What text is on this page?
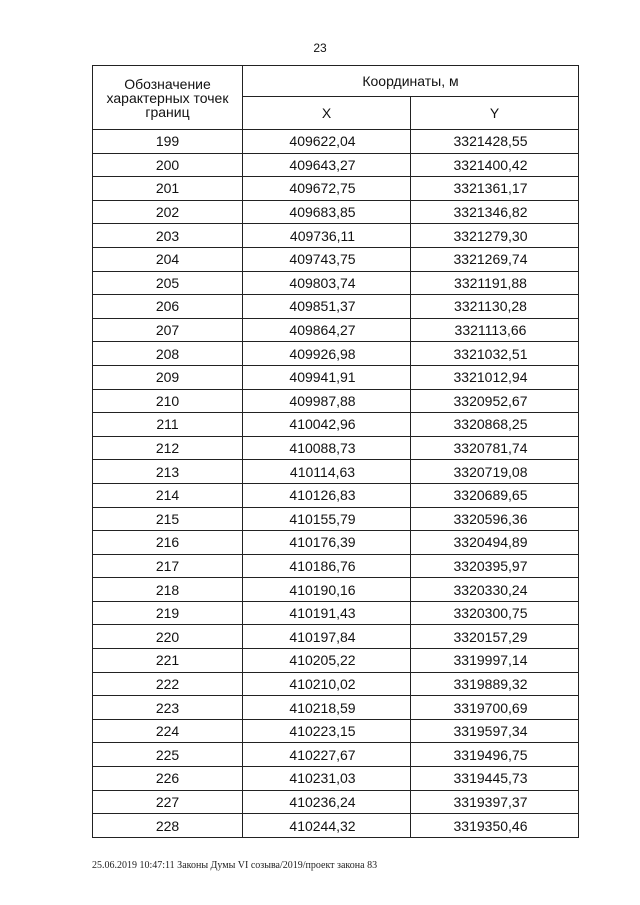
23
Обозначение характерных точек границ	Координаты, м	
	X	Y
199	409622,04	3321428,55
200	409643,27	3321400,42
201	409672,75	3321361,17
202	409683,85	3321346,82
203	409736,11	3321279,30
204	409743,75	3321269,74
205	409803,74	3321191,88
206	409851,37	3321130,28
207	409864,27	3321113,66
208	409926,98	3321032,51
209	409941,91	3321012,94
210	409987,88	3320952,67
211	410042,96	3320868,25
212	410088,73	3320781,74
213	410114,63	3320719,08
214	410126,83	3320689,65
215	410155,79	3320596,36
216	410176,39	3320494,89
217	410186,76	3320395,97
218	410190,16	3320330,24
219	410191,43	3320300,75
220	410197,84	3320157,29
221	410205,22	3319997,14
222	410210,02	3319889,32
223	410218,59	3319700,69
224	410223,15	3319597,34
225	410227,67	3319496,75
226	410231,03	3319445,73
227	410236,24	3319397,37
228	410244,32	3319350,46
25.06.2019 10:47:11 Законы Думы VI созыва/2019/проект закона 83
